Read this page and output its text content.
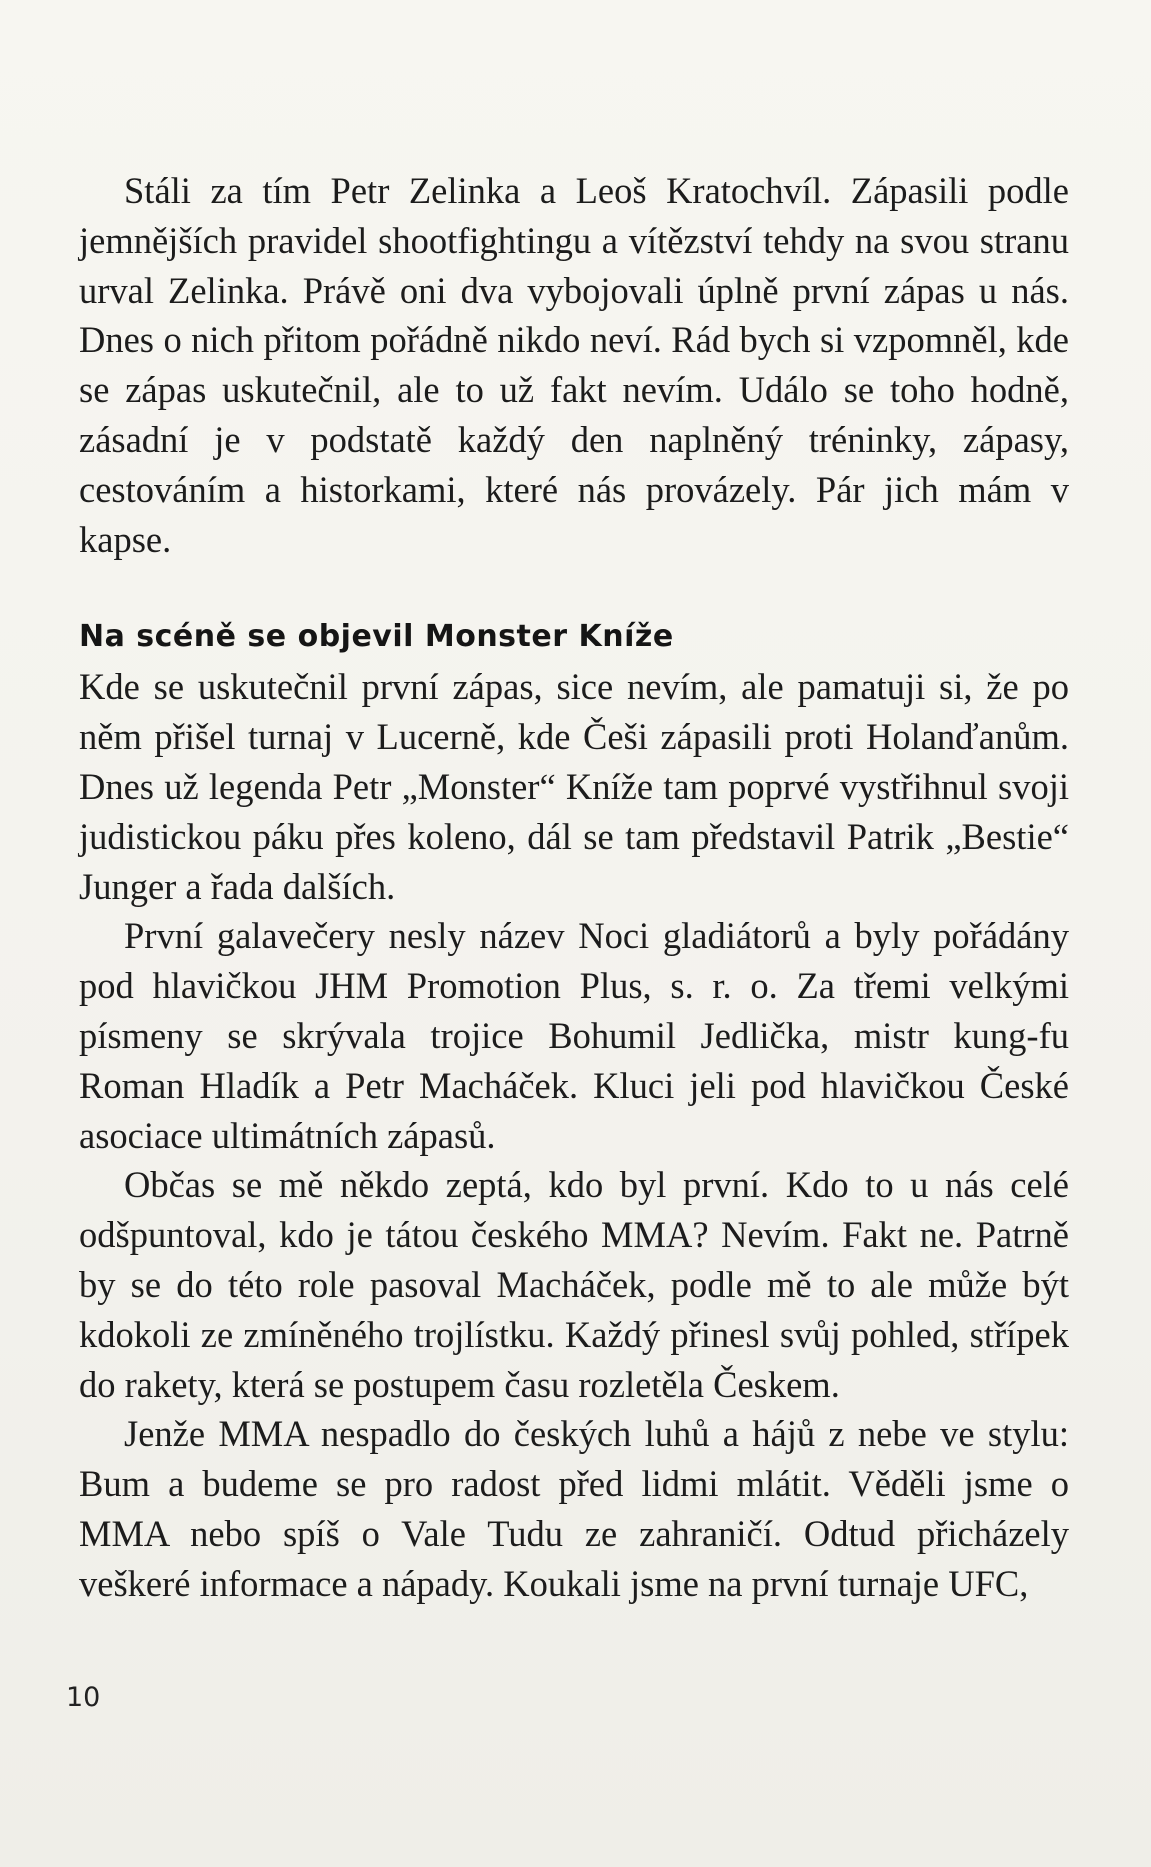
Stáli za tím Petr Zelinka a Leoš Kratochvíl. Zápasili podle jemnějších pravidel shootfightingu a vítězství tehdy na svou stranu urval Zelinka. Právě oni dva vybojovali úplně první zápas u nás. Dnes o nich přitom pořádně nikdo neví. Rád bych si vzpomněl, kde se zápas uskutečnil, ale to už fakt nevím. Událo se toho hodně, zásadní je v podstatě každý den naplněný tréninky, zápasy, cestováním a historkami, které nás provázely. Pár jich mám v kapse.

Na scéně se objevil Monster Kníže

Kde se uskutečnil první zápas, sice nevím, ale pamatuji si, že po něm přišel turnaj v Lucerně, kde Češi zápasili proti Holanďanům. Dnes už legenda Petr „Monster“ Kníže tam poprvé vystřihnul svoji judistickou páku přes koleno, dál se tam představil Patrik „Bestie“ Junger a řada dalších.

První galavečery nesly název Noci gladiátorů a byly pořádány pod hlavičkou JHM Promotion Plus, s. r. o. Za třemi velkými písmeny se skrývala trojice Bohumil Jedlička, mistr kung-fu Roman Hladík a Petr Macháček. Kluci jeli pod hlavičkou České asociace ultimátních zápasů.

Občas se mě někdo zeptá, kdo byl první. Kdo to u nás celé odšpuntoval, kdo je tátou českého MMA? Nevím. Fakt ne. Patrně by se do této role pasoval Macháček, podle mě to ale může být kdokoli ze zmíněného trojlístku. Každý přinesl svůj pohled, střípek do rakety, která se postupem času rozletěla Českem.

Jenže MMA nespadlo do českých luhů a hájů z nebe ve stylu: Bum a budeme se pro radost před lidmi mlátit. Věděli jsme o MMA nebo spíš o Vale Tudu ze zahraničí. Odtud přicházely veškeré informace a nápady. Koukali jsme na první turnaje UFC,

10
